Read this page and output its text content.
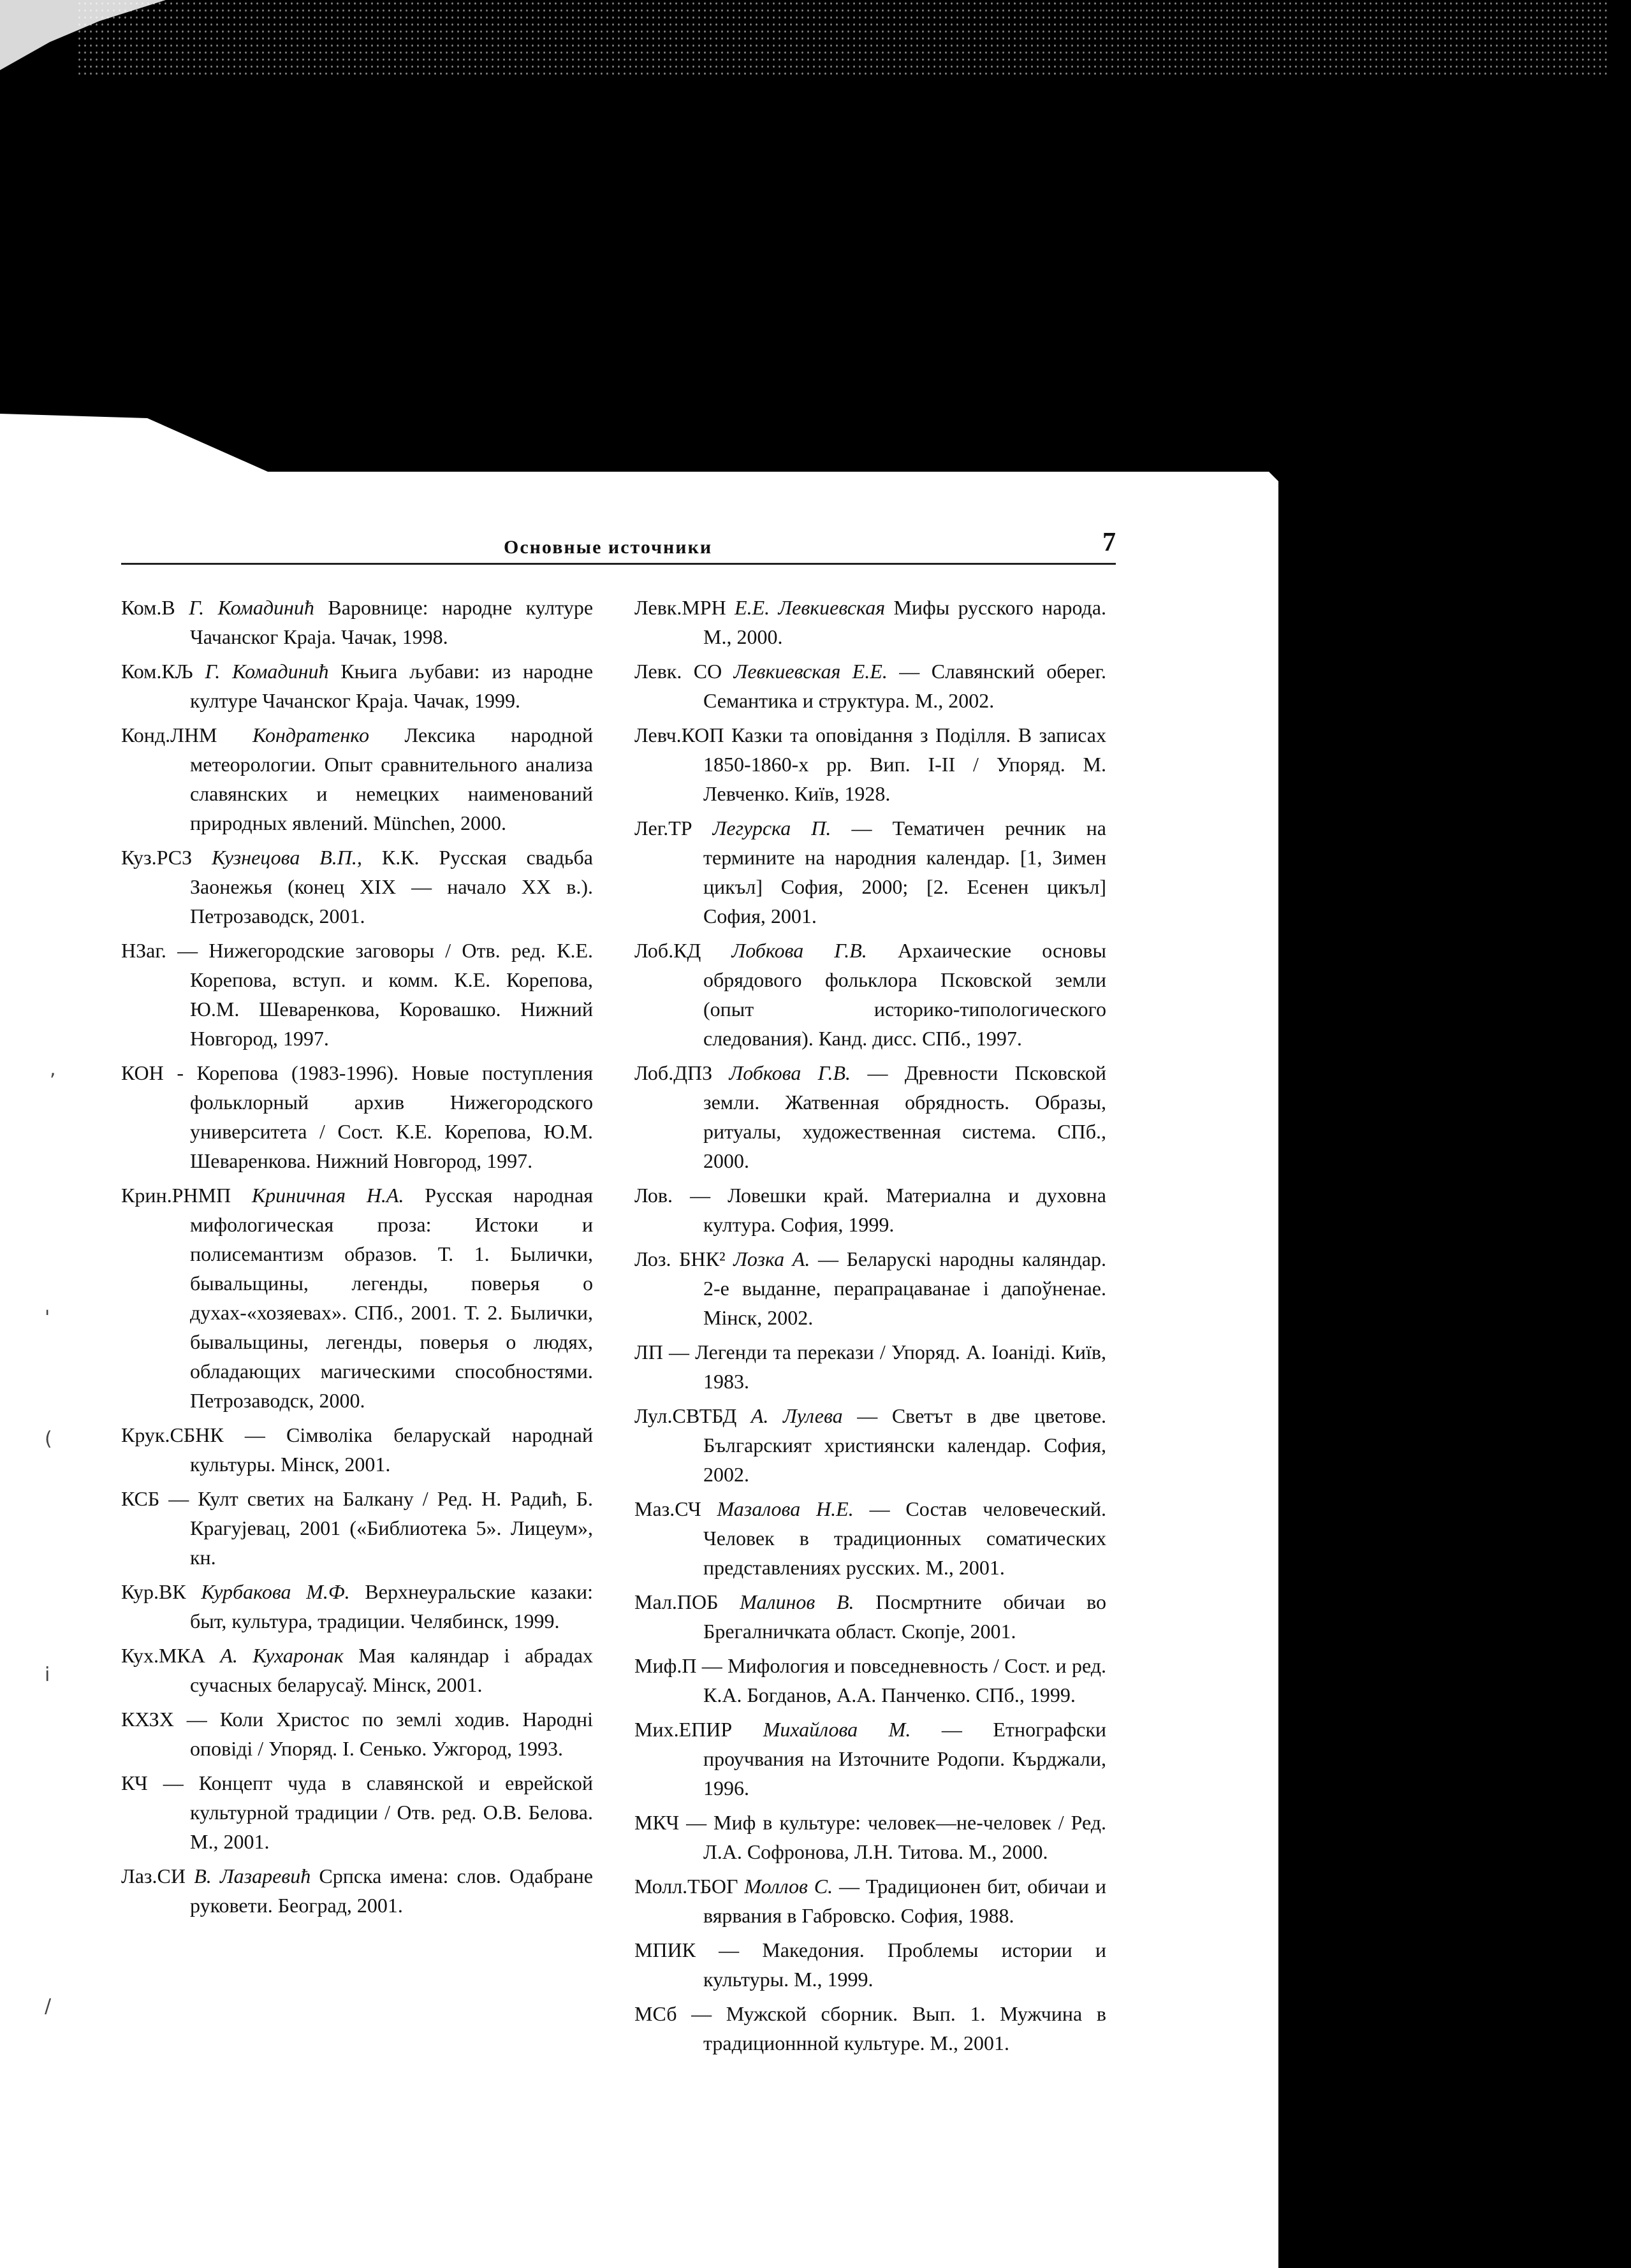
Основные источники	7

Ком.В Г. Комадинић Варовнице: народне културе Чачанског Краја. Чачак, 1998.

Ком.КЉ Г. Комадинић Књига љубави: из народне културе Чачанског Краја. Чачак, 1999.

Конд.ЛНМ Кондратенко Лексика народной метеорологии. Опыт сравнительного анализа славянских и немецких наименований природных явлений. München, 2000.

Куз.РСЗ Кузнецова В.П., К.К. Русская свадьба Заонежья (конец XIX — начало XX в.). Петрозаводск, 2001.

НЗаг. — Нижегородские заговоры / Отв. ред. К.Е. Корепова, вступ. и комм. К.Е. Корепова, Ю.М. Шеваренкова, Коровашко. Нижний Новгород, 1997.

КОН - Корепова (1983-1996). Новые поступления фольклорный архив Нижегородского университета / Сост. К.Е. Корепова, Ю.М. Шеваренкова. Нижний Новгород, 1997.

Крин.РНМП Криничная Н.А. Русская народная мифологическая проза: Истоки и полисемантизм образов. Т. 1. Былички, бывальщины, легенды, поверья о духах-«хозяевах». СПб., 2001. Т. 2. Былички, бывальщины, легенды, поверья о людях, обладающих магическими способностями. Петрозаводск, 2000.

Крук.СБНК — Сімволіка беларускай народнай культуры. Мінск, 2001.

КСБ — Култ светих на Балкану / Ред. Н. Радић, Б. Крагујевац, 2001 («Библиотека 5». Лицеум», кн.

Кур.ВК Курбакова М.Ф. Верхнеуральские казаки: быт, культура, традиции. Челябинск, 1999.

Кух.МКА А. Кухаронак Мая каляндар і абрадах сучасных беларусаў. Мінск, 2001.

КХЗХ — Коли Христос по землі ходив. Народні оповіді / Упоряд. І. Сенько. Ужгород, 1993.

КЧ — Концепт чуда в славянской и еврейской культурной традиции / Отв. ред. О.В. Белова. М., 2001.

Лаз.СИ В. Лазаревић Српска имена: слов. Одабране руковети. Београд, 2001.

Левк.МРН Е.Е. Левкиевская Мифы русского народа. М., 2000.

Левк. СО Левкиевская Е.Е. — Славянский оберег. Семантика и структура. М., 2002.

Левч.КОП Казки та оповідання з Поділля. В записах 1850-1860-х рр. Вип. І-ІІ / Упоряд. М. Левченко. Київ, 1928.

Лег.ТР Легурска П. — Тематичен речник на термините на народния календар. [1, Зимен цикъл] София, 2000; [2. Есенен цикъл] София, 2001.

Лоб.КД Лобкова Г.В. Архаические основы обрядового фольклора Псковской земли (опыт историко-типологического следования). Канд. дисс. СПб., 1997.

Лоб.ДПЗ Лобкова Г.В. — Древности Псковской земли. Жатвенная обрядность. Образы, ритуалы, художественная система. СПб., 2000.

Лов. — Ловешки край. Материална и духовна култура. София, 1999.

Лоз. БНК² Лозка А. — Беларускі народны каляндар. 2-е выданне, перапрацаванае і дапоўненае. Мінск, 2002.

ЛП — Легенди та перекази / Упоряд. А. Іоаніді. Київ, 1983.

Лул.СВТБД А. Лулева — Светът в две цветове. Българският християнски календар. София, 2002.

Маз.СЧ Мазалова Н.Е. — Состав человеческий. Человек в традиционных соматических представлениях русских. М., 2001.

Мал.ПОБ Малинов В. Посмртните обичаи во Брегалничката област. Скопје, 2001.

Миф.П — Мифология и повседневность / Сост. и ред. К.А. Богданов, А.А. Панченко. СПб., 1999.

Мих.ЕПИР Михайлова М. — Етнографски проучвания на Източните Родопи. Кърджали, 1996.

МКЧ — Миф в культуре: человек—не-человек / Ред. Л.А. Софронова, Л.Н. Титова. М., 2000.

Молл.ТБОГ Моллов С. — Традиционен бит, обичаи и вярвания в Габровско. София, 1988.

МПИК — Македония. Проблемы истории и культуры. М., 1999.

МСб — Мужской сборник. Вып. 1. Мужчина в традиционнной культуре. М., 2001.

,
'
(
i
/
